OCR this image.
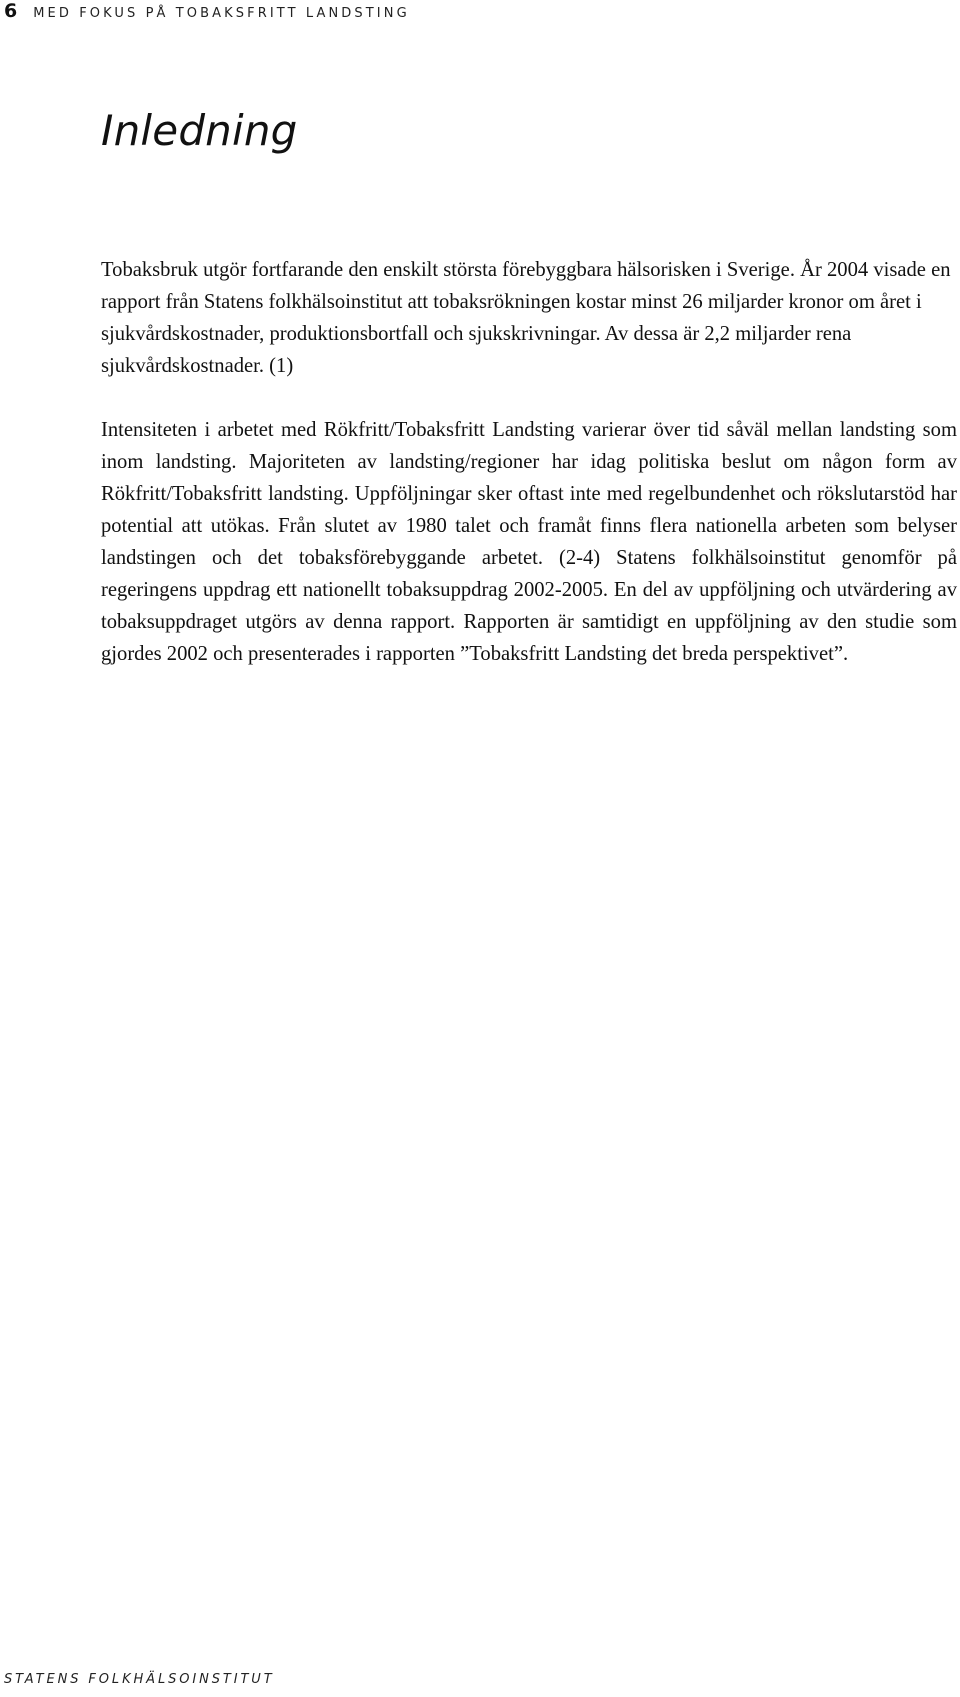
6 MED FOKUS PÅ TOBAKSFRITT LANDSTING
Inledning

Tobaksbruk utgör fortfarande den enskilt största förebyggbara hälsorisken i Sverige. År 2004 visade en rapport från Statens folkhälsoinstitut att tobaksrökningen kostar minst 26 miljarder kronor om året i sjukvårdskostnader, produktionsbortfall och sjukskrivningar. Av dessa är 2,2 miljarder rena sjukvårdskostnader. (1)

Intensiteten i arbetet med Rökfritt/Tobaksfritt Landsting varierar över tid såväl mellan landsting som inom landsting. Majoriteten av landsting/regioner har idag politiska beslut om någon form av Rökfritt/Tobaksfritt landsting. Uppföljningar sker oftast inte med regelbundenhet och rökslutarstöd har potential att utökas. Från slutet av 1980 talet och framåt finns flera nationella arbeten som belyser landstingen och det tobaksförebyggande arbetet. (2-4) Statens folkhälsoinstitut genomför på regeringens uppdrag ett nationellt tobaksuppdrag 2002-2005. En del av uppföljning och utvärdering av tobaksuppdraget utgörs av denna rapport. Rapporten är samtidigt en uppföljning av den studie som gjordes 2002 och presenterades i rapporten ”Tobaksfritt Landsting det breda perspektivet”.

STATENS FOLKHÄLSOINSTITUT
